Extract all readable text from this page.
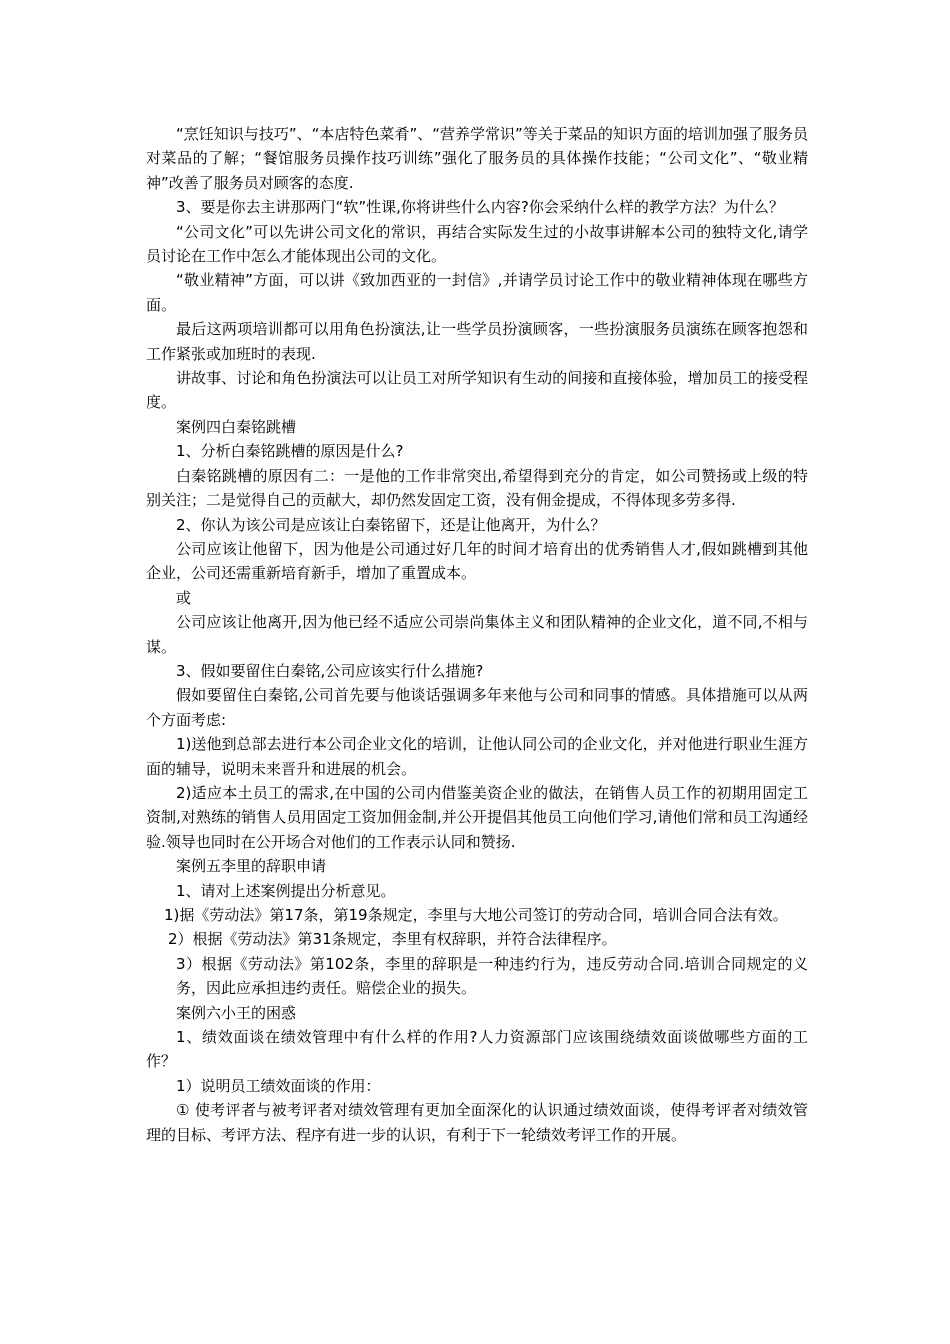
“烹饪知识与技巧”、“本店特色菜肴”、“营养学常识”等关于菜品的知识方面的培训加强了服务员对菜品的了解；“餐馆服务员操作技巧训练”强化了服务员的具体操作技能；“公司文化”、“敬业精神”改善了服务员对顾客的态度.

3、要是你去主讲那两门“软”性课,你将讲些什么内容?你会采纳什么样的教学方法？为什么？

“公司文化”可以先讲公司文化的常识，再结合实际发生过的小故事讲解本公司的独特文化,请学员讨论在工作中怎么才能体现出公司的文化。

“敬业精神”方面，可以讲《致加西亚的一封信》,并请学员讨论工作中的敬业精神体现在哪些方面。

最后这两项培训都可以用角色扮演法,让一些学员扮演顾客，一些扮演服务员演练在顾客抱怨和工作紧张或加班时的表现.

讲故事、讨论和角色扮演法可以让员工对所学知识有生动的间接和直接体验，增加员工的接受程度。

案例四白秦铭跳槽

1、分析白秦铭跳槽的原因是什么?

白秦铭跳槽的原因有二：一是他的工作非常突出,希望得到充分的肯定，如公司赞扬或上级的特别关注；二是觉得自己的贡献大，却仍然发固定工资，没有佣金提成，不得体现多劳多得.

2、你认为该公司是应该让白秦铭留下，还是让他离开，为什么？

公司应该让他留下，因为他是公司通过好几年的时间才培育出的优秀销售人才,假如跳槽到其他企业，公司还需重新培育新手，增加了重置成本。

或

公司应该让他离开,因为他已经不适应公司崇尚集体主义和团队精神的企业文化，道不同,不相与谋。

3、假如要留住白秦铭,公司应该实行什么措施?

假如要留住白秦铭,公司首先要与他谈话强调多年来他与公司和同事的情感。具体措施可以从两个方面考虑:

1)送他到总部去进行本公司企业文化的培训，让他认同公司的企业文化，并对他进行职业生涯方面的辅导，说明未来晋升和进展的机会。

2)适应本土员工的需求,在中国的公司内借鉴美资企业的做法，在销售人员工作的初期用固定工资制,对熟练的销售人员用固定工资加佣金制,并公开提倡其他员工向他们学习,请他们常和员工沟通经验.领导也同时在公开场合对他们的工作表示认同和赞扬.

案例五李里的辞职申请

1、请对上述案例提出分析意见。

1)据《劳动法》第17条，第19条规定，李里与大地公司签订的劳动合同，培训合同合法有效。

2）根据《劳动法》第31条规定，李里有权辞职，并符合法律程序。

3）根据《劳动法》第102条，李里的辞职是一种违约行为，违反劳动合同.培训合同规定的义务，因此应承担违约责任。赔偿企业的损失。

案例六小王的困惑

1、绩效面谈在绩效管理中有什么样的作用?人力资源部门应该围绕绩效面谈做哪些方面的工作？

1）说明员工绩效面谈的作用：

① 使考评者与被考评者对绩效管理有更加全面深化的认识通过绩效面谈，使得考评者对绩效管理的目标、考评方法、程序有进一步的认识，有利于下一轮绩效考评工作的开展。
